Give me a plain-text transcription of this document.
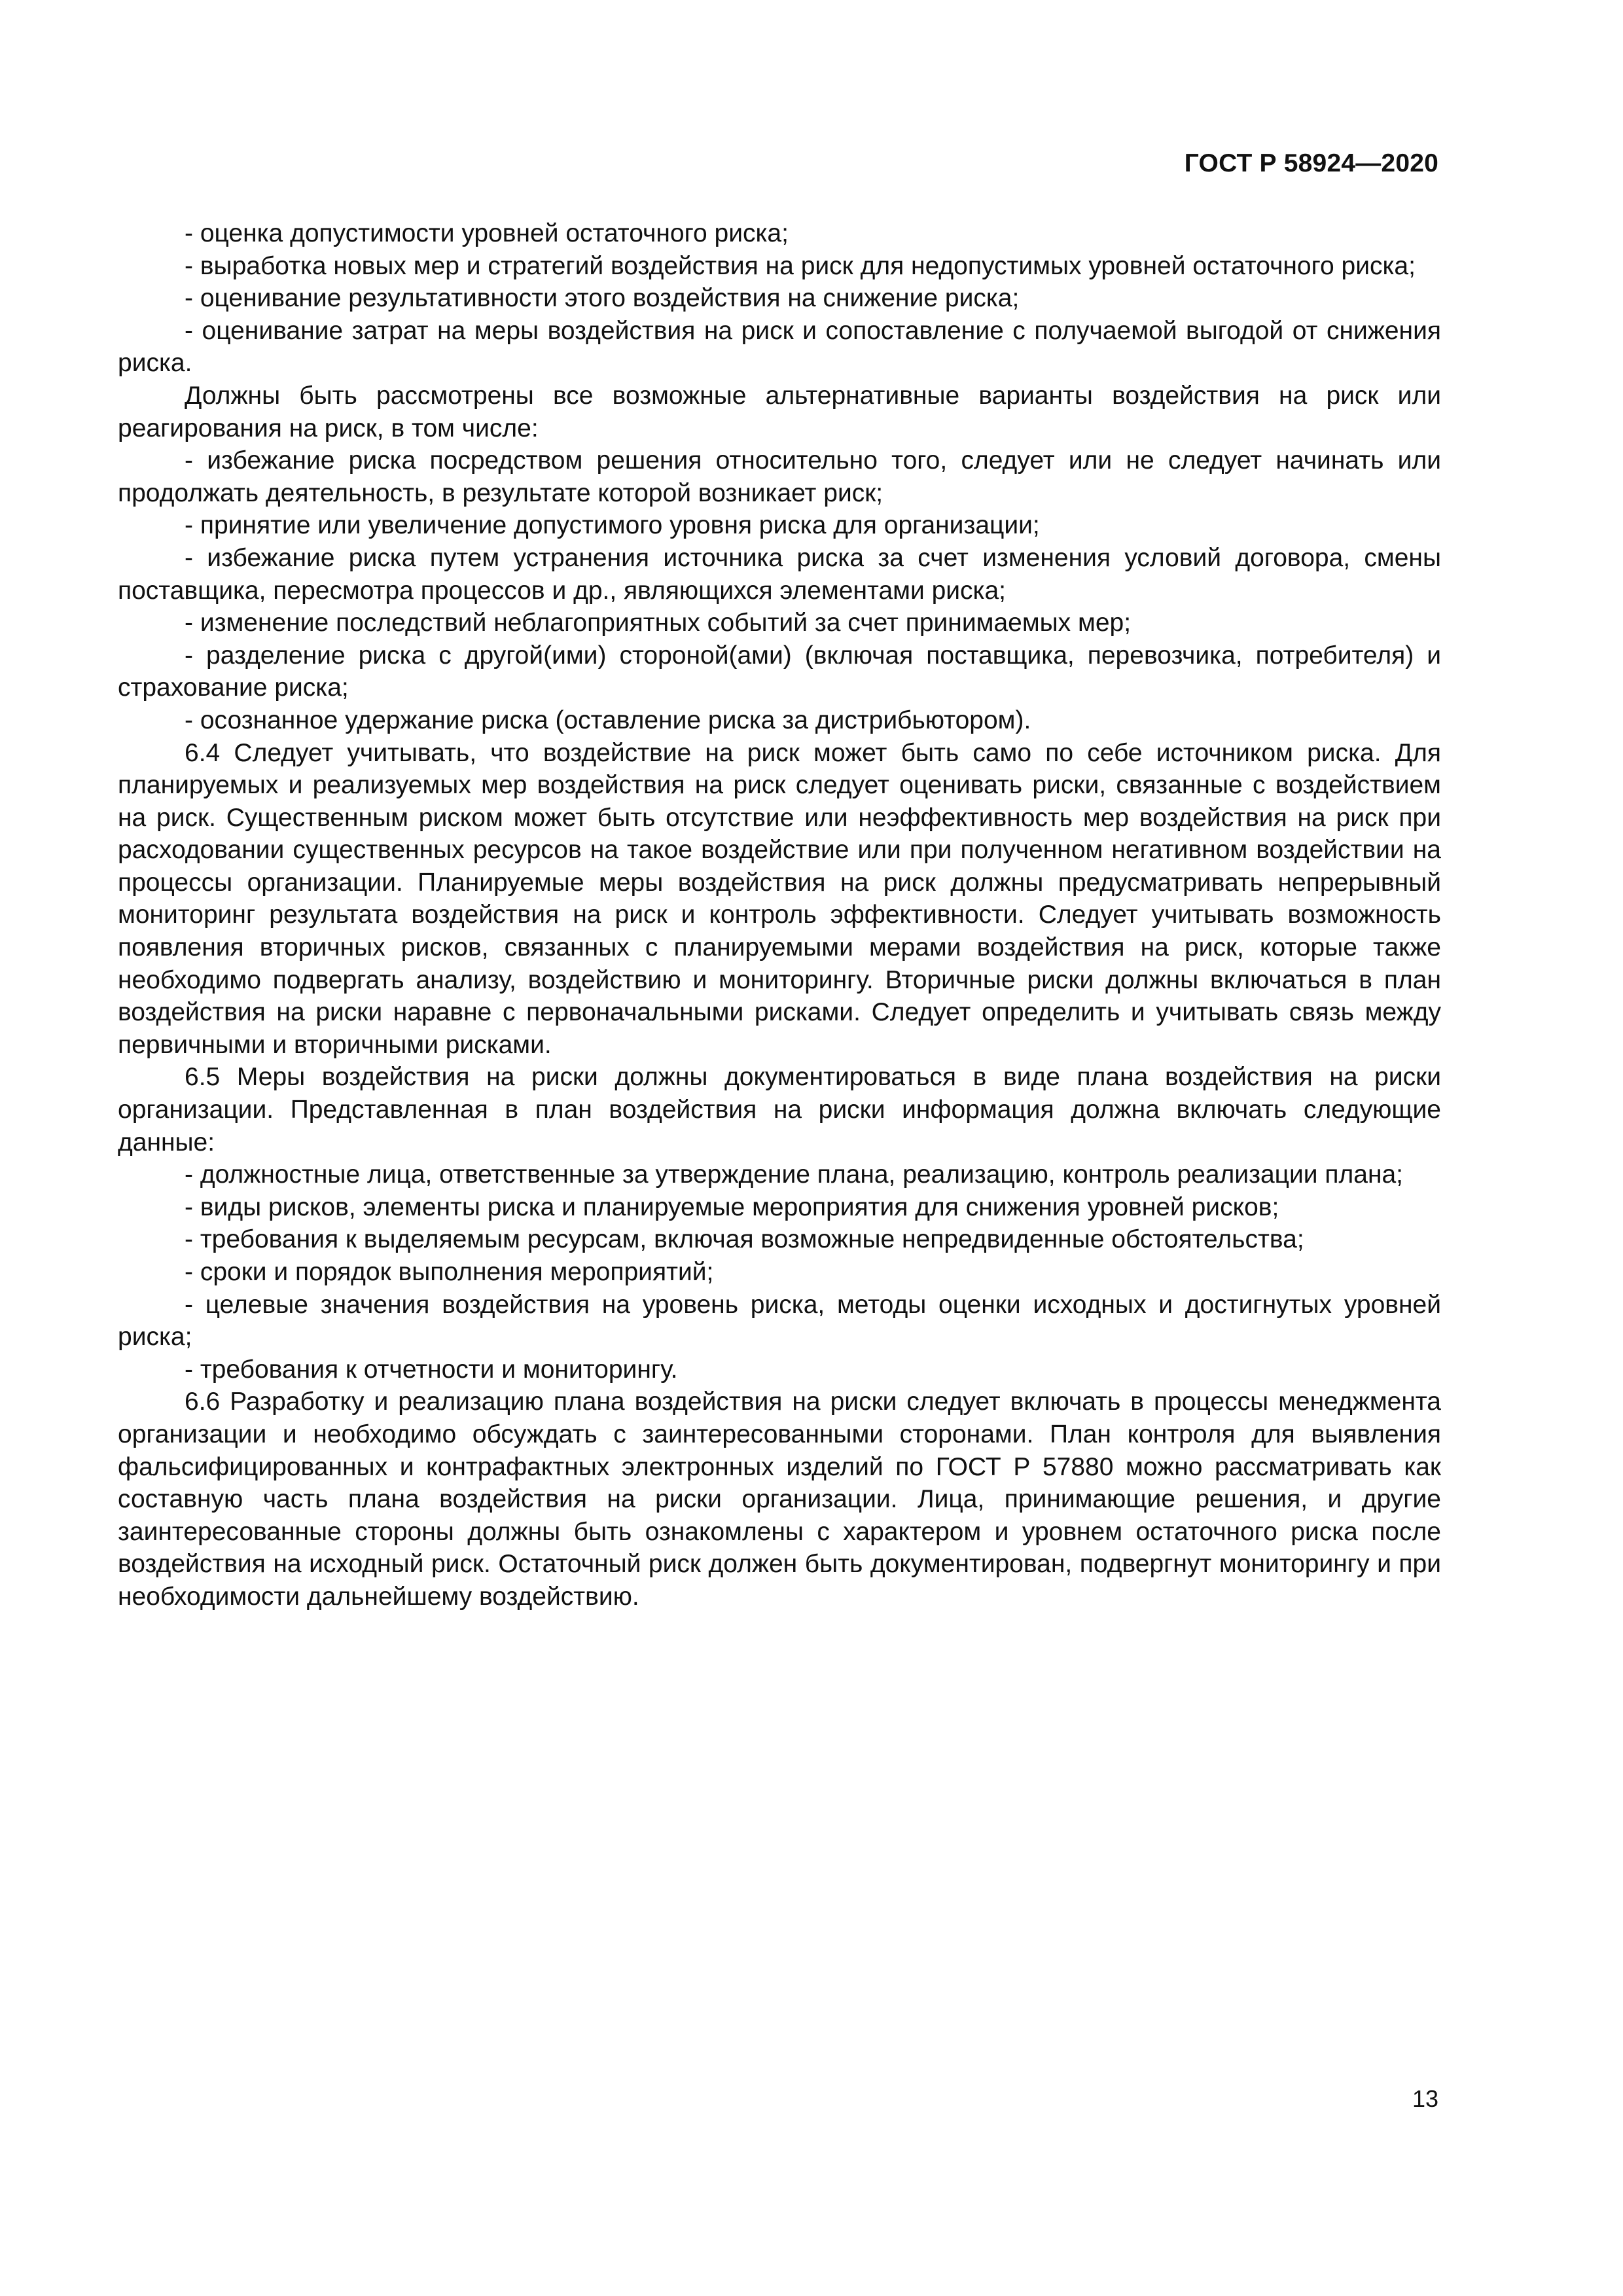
ГОСТ Р 58924—2020

- оценка допустимости уровней остаточного риска;

- выработка новых мер и стратегий воздействия на риск для недопустимых уровней остаточного риска;

- оценивание результативности этого воздействия на снижение риска;

- оценивание затрат на меры воздействия на риск и сопоставление с получаемой выгодой от снижения риска.

Должны быть рассмотрены все возможные альтернативные варианты воздействия на риск или реагирования на риск, в том числе:

- избежание риска посредством решения относительно того, следует или не следует начинать или продолжать деятельность, в результате которой возникает риск;

- принятие или увеличение допустимого уровня риска для организации;

- избежание риска путем устранения источника риска за счет изменения условий договора, смены поставщика, пересмотра процессов и др., являющихся элементами риска;

- изменение последствий неблагоприятных событий за счет принимаемых мер;

- разделение риска с другой(ими) стороной(ами) (включая поставщика, перевозчика, потребителя) и страхование риска;

- осознанное удержание риска (оставление риска за дистрибьютором).

6.4 Следует учитывать, что воздействие на риск может быть само по себе источником риска. Для планируемых и реализуемых мер воздействия на риск следует оценивать риски, связанные с воздействием на риск. Существенным риском может быть отсутствие или неэффективность мер воздействия на риск при расходовании существенных ресурсов на такое воздействие или при полученном негативном воздействии на процессы организации. Планируемые меры воздействия на риск должны предусматривать непрерывный мониторинг результата воздействия на риск и контроль эффективности. Следует учитывать возможность появления вторичных рисков, связанных с планируемыми мерами воздействия на риск, которые также необходимо подвергать анализу, воздействию и мониторингу. Вторичные риски должны включаться в план воздействия на риски наравне с первоначальными рисками. Следует определить и учитывать связь между первичными и вторичными рисками.

6.5 Меры воздействия на риски должны документироваться в виде плана воздействия на риски организации. Представленная в план воздействия на риски информация должна включать следующие данные:

- должностные лица, ответственные за утверждение плана, реализацию, контроль реализации плана;

- виды рисков, элементы риска и планируемые мероприятия для снижения уровней рисков;

- требования к выделяемым ресурсам, включая возможные непредвиденные обстоятельства;

- сроки и порядок выполнения мероприятий;

- целевые значения воздействия на уровень риска, методы оценки исходных и достигнутых уровней риска;

- требования к отчетности и мониторингу.

6.6 Разработку и реализацию плана воздействия на риски следует включать в процессы менеджмента организации и необходимо обсуждать с заинтересованными сторонами. План контроля для выявления фальсифицированных и контрафактных электронных изделий по ГОСТ Р 57880 можно рассматривать как составную часть плана воздействия на риски организации. Лица, принимающие решения, и другие заинтересованные стороны должны быть ознакомлены с характером и уровнем остаточного риска после воздействия на исходный риск. Остаточный риск должен быть документирован, подвергнут мониторингу и при необходимости дальнейшему воздействию.

13
